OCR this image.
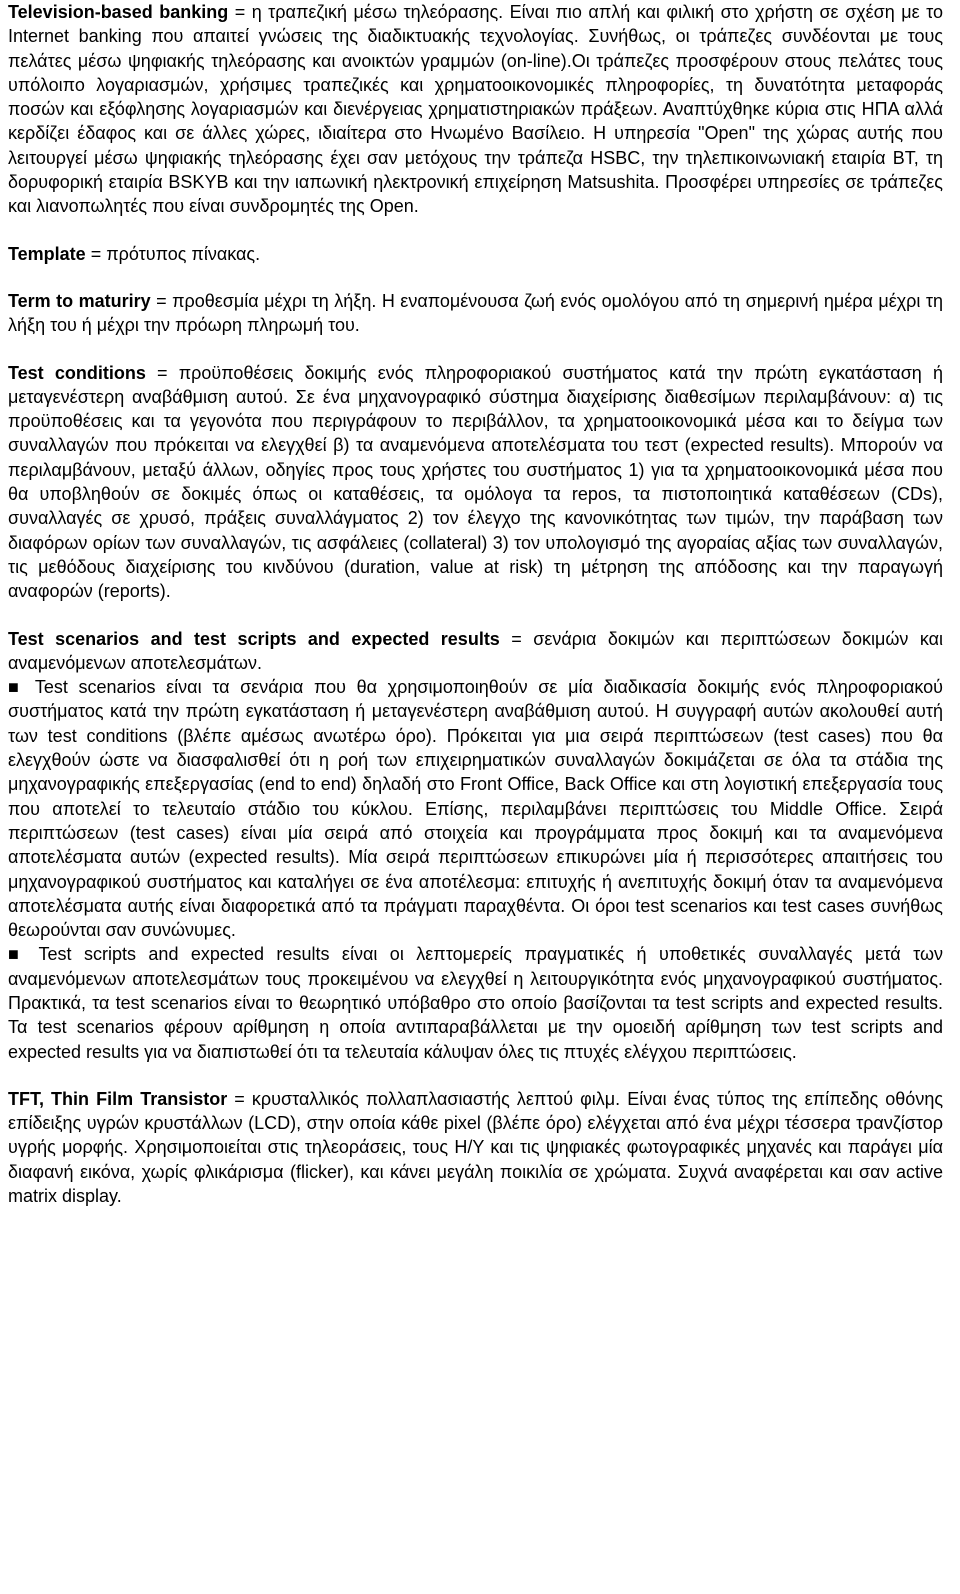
Television-based banking = η τραπεζική μέσω τηλεόρασης. Είναι πιο απλή και φιλική στο χρήστη σε σχέση με το Internet banking που απαιτεί γνώσεις της διαδικτυακής τεχνολογίας. Συνήθως, οι τράπεζες συνδέονται με τους πελάτες μέσω ψηφιακής τηλεόρασης και ανοικτών γραμμών (on-line).Οι τράπεζες προσφέρουν στους πελάτες τους υπόλοιπο λογαριασμών, χρήσιμες τραπεζικές και χρηματοοικονομικές πληροφορίες, τη δυνατότητα μεταφοράς ποσών και εξόφλησης λογαριασμών και διενέργειας χρηματιστηριακών πράξεων. Αναπτύχθηκε κύρια στις ΗΠΑ αλλά κερδίζει έδαφος και σε άλλες χώρες, ιδιαίτερα στο Ηνωμένο Βασίλειο. Η υπηρεσία "Open" της χώρας αυτής που λειτουργεί μέσω ψηφιακής τηλεόρασης έχει σαν μετόχους την τράπεζα HSBC, την τηλεπικοινωνιακή εταιρία BT, τη δορυφορική εταιρία BSKYB και την ιαπωνική ηλεκτρονική επιχείρηση Matsushita. Προσφέρει υπηρεσίες σε τράπεζες και λιανοπωλητές που είναι συνδρομητές της Open.

Template = πρότυπος πίνακας.

Term to maturiry = προθεσμία μέχρι τη λήξη. Η εναπομένουσα ζωή ενός ομολόγου από τη σημερινή ημέρα μέχρι τη λήξη του ή μέχρι την πρόωρη πληρωμή του.

Test conditions = προϋποθέσεις δοκιμής ενός πληροφοριακού συστήματος κατά την πρώτη εγκατάσταση ή μεταγενέστερη αναβάθμιση αυτού. Σε ένα μηχανογραφικό σύστημα διαχείρισης διαθεσίμων περιλαμβάνουν: α) τις προϋποθέσεις και τα γεγονότα που περιγράφουν το περιβάλλον, τα χρηματοοικονομικά μέσα και το δείγμα των συναλλαγών που πρόκειται να ελεγχθεί β) τα αναμενόμενα αποτελέσματα του τεστ (expected results). Μπορούν να περιλαμβάνουν, μεταξύ άλλων, οδηγίες προς τους χρήστες του συστήματος 1) για τα χρηματοοικονομικά μέσα που θα υποβληθούν σε δοκιμές όπως οι καταθέσεις, τα ομόλογα τα repos, τα πιστοποιητικά καταθέσεων (CDs), συναλλαγές σε χρυσό, πράξεις συναλλάγματος 2) τον έλεγχο της κανονικότητας των τιμών, την παράβαση των διαφόρων ορίων των συναλλαγών, τις ασφάλειες (collateral) 3) τον υπολογισμό της αγοραίας αξίας των συναλλαγών, τις μεθόδους διαχείρισης του κινδύνου (duration, value at risk) τη μέτρηση της απόδοσης και την παραγωγή αναφορών (reports).

Test scenarios and test scripts and expected results = σενάρια δοκιμών και περιπτώσεων δοκιμών και αναμενόμενων αποτελεσμάτων.

■ Test scenarios είναι τα σενάρια που θα χρησιμοποιηθούν σε μία διαδικασία δοκιμής ενός πληροφοριακού συστήματος κατά την πρώτη εγκατάσταση ή μεταγενέστερη αναβάθμιση αυτού. Η συγγραφή αυτών ακολουθεί αυτή των test conditions (βλέπε αμέσως ανωτέρω όρο). Πρόκειται για μια σειρά περιπτώσεων (test cases) που θα ελεγχθούν ώστε να διασφαλισθεί ότι η ροή των επιχειρηματικών συναλλαγών δοκιμάζεται σε όλα τα στάδια της μηχανογραφικής επεξεργασίας (end to end) δηλαδή στο Front Office, Back Office και στη λογιστική επεξεργασία τους που αποτελεί το τελευταίο στάδιο του κύκλου. Επίσης, περιλαμβάνει περιπτώσεις του Middle Office. Σειρά περιπτώσεων (test cases) είναι μία σειρά από στοιχεία και προγράμματα προς δοκιμή και τα αναμενόμενα αποτελέσματα αυτών (expected results). Μία σειρά περιπτώσεων επικυρώνει μία ή περισσότερες απαιτήσεις του μηχανογραφικού συστήματος και καταλήγει σε ένα αποτέλεσμα: επιτυχής ή ανεπιτυχής δοκιμή όταν τα αναμενόμενα αποτελέσματα αυτής είναι διαφορετικά από τα πράγματι παραχθέντα. Οι όροι test scenarios και test cases συνήθως θεωρούνται σαν συνώνυμες.

■ Test scripts and expected results είναι οι λεπτομερείς πραγματικές ή υποθετικές συναλλαγές μετά των αναμενόμενων αποτελεσμάτων τους προκειμένου να ελεγχθεί η λειτουργικότητα ενός μηχανογραφικού συστήματος. Πρακτικά, τα test scenarios είναι το θεωρητικό υπόβαθρο στο οποίο βασίζονται τα test scripts and expected results. Τα test scenarios φέρουν αρίθμηση η οποία αντιπαραβάλλεται με την ομοειδή αρίθμηση των test scripts and expected results για να διαπιστωθεί ότι τα τελευταία κάλυψαν όλες τις πτυχές ελέγχου περιπτώσεις.

TFT, Thin Film Transistor = κρυσταλλικός πολλαπλασιαστής λεπτού φιλμ. Είναι ένας τύπος της επίπεδης οθόνης επίδειξης υγρών κρυστάλλων (LCD), στην οποία κάθε pixel (βλέπε όρο) ελέγχεται από ένα μέχρι τέσσερα τρανζίστορ υγρής μορφής. Χρησιμοποιείται στις τηλεοράσεις, τους Η/Υ και τις ψηφιακές φωτογραφικές μηχανές και παράγει μία διαφανή εικόνα, χωρίς φλικάρισμα (flicker), και κάνει μεγάλη ποικιλία σε χρώματα. Συχνά αναφέρεται και σαν active matrix display.
